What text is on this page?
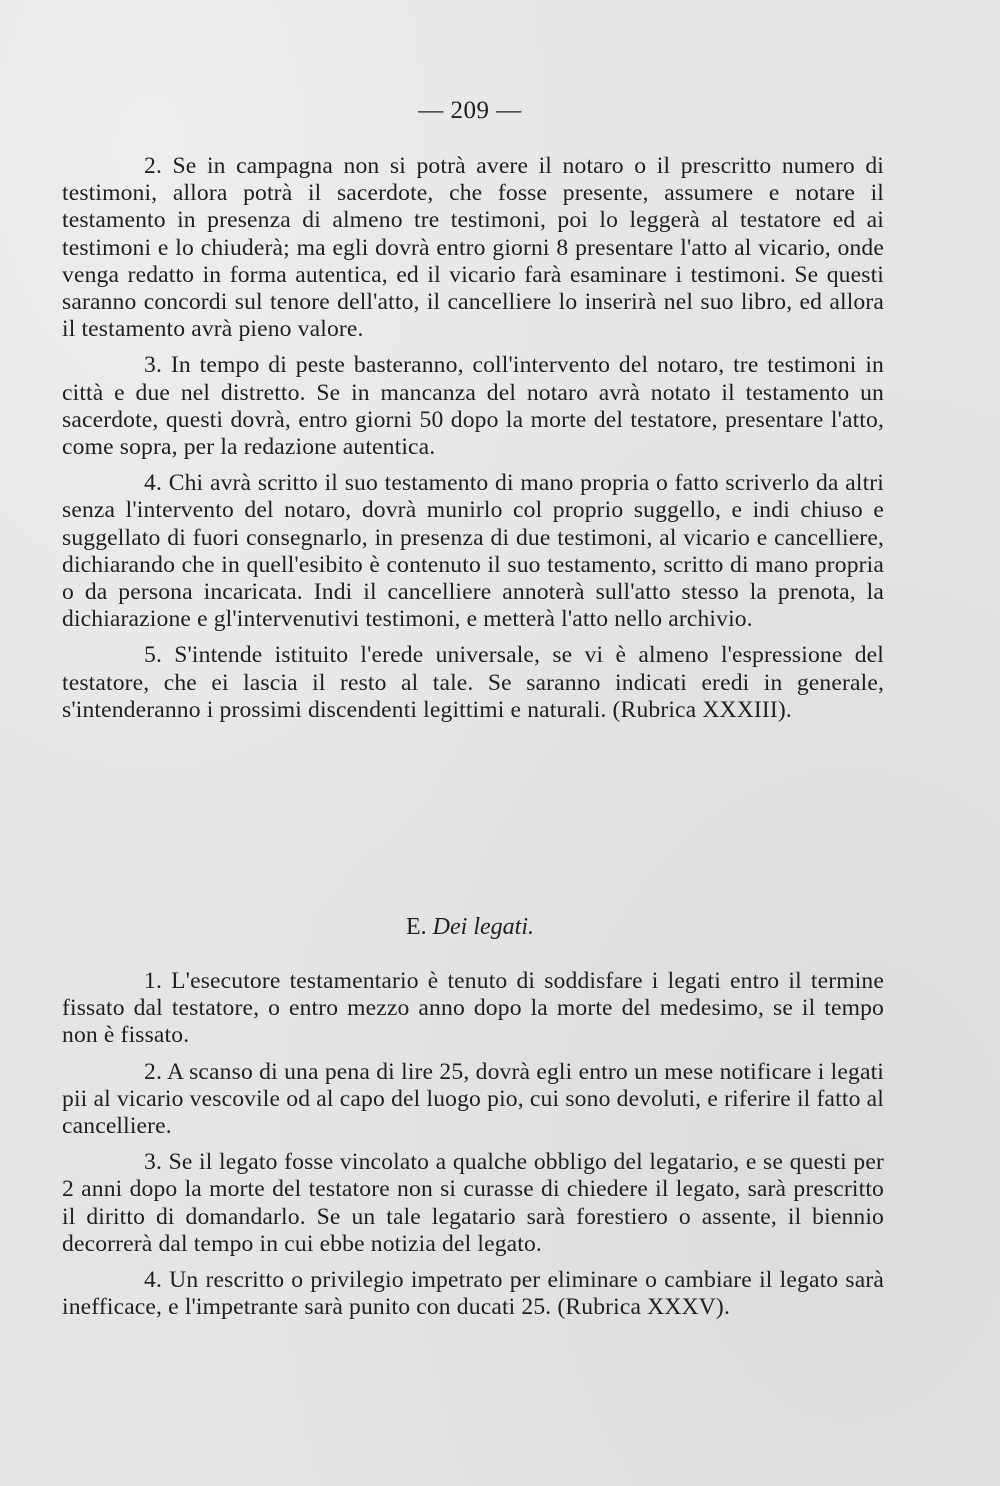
— 209 —

2. Se in campagna non si potrà avere il notaro o il prescritto numero di testimoni, allora potrà il sacerdote, che fosse presente, assumere e notare il testamento in presenza di almeno tre testimoni, poi lo leggerà al testatore ed ai testimoni e lo chiuderà; ma egli dovrà entro giorni 8 presentare l'atto al vicario, onde venga redatto in forma autentica, ed il vicario farà esaminare i testimoni. Se questi saranno concordi sul tenore dell'atto, il cancelliere lo inserirà nel suo libro, ed allora il testamento avrà pieno valore.

3. In tempo di peste basteranno, coll'intervento del notaro, tre testimoni in città e due nel distretto. Se in mancanza del notaro avrà notato il testamento un sacerdote, questi dovrà, entro giorni 50 dopo la morte del testatore, presentare l'atto, come sopra, per la redazione autentica.

4. Chi avrà scritto il suo testamento di mano propria o fatto scriverlo da altri senza l'intervento del notaro, dovrà munirlo col proprio suggello, e indi chiuso e suggellato di fuori consegnarlo, in presenza di due testimoni, al vicario e cancelliere, dichiarando che in quell'esibito è contenuto il suo testamento, scritto di mano propria o da persona incaricata. Indi il cancelliere annoterà sull'atto stesso la prenota, la dichiarazione e gl'intervenutivi testimoni, e metterà l'atto nello archivio.

5. S'intende istituito l'erede universale, se vi è almeno l'espressione del testatore, che ei lascia il resto al tale. Se saranno indicati eredi in generale, s'intenderanno i prossimi discendenti legittimi e naturali. (Rubrica XXXIII).

E. Dei legati.

1. L'esecutore testamentario è tenuto di soddisfare i legati entro il termine fissato dal testatore, o entro mezzo anno dopo la morte del medesimo, se il tempo non è fissato.

2. A scanso di una pena di lire 25, dovrà egli entro un mese notificare i legati pii al vicario vescovile od al capo del luogo pio, cui sono devoluti, e riferire il fatto al cancelliere.

3. Se il legato fosse vincolato a qualche obbligo del legatario, e se questi per 2 anni dopo la morte del testatore non si curasse di chiedere il legato, sarà prescritto il diritto di domandarlo. Se un tale legatario sarà forestiero o assente, il biennio decorrerà dal tempo in cui ebbe notizia del legato.

4. Un rescritto o privilegio impetrato per eliminare o cambiare il legato sarà inefficace, e l'impetrante sarà punito con ducati 25. (Rubrica XXXV).
